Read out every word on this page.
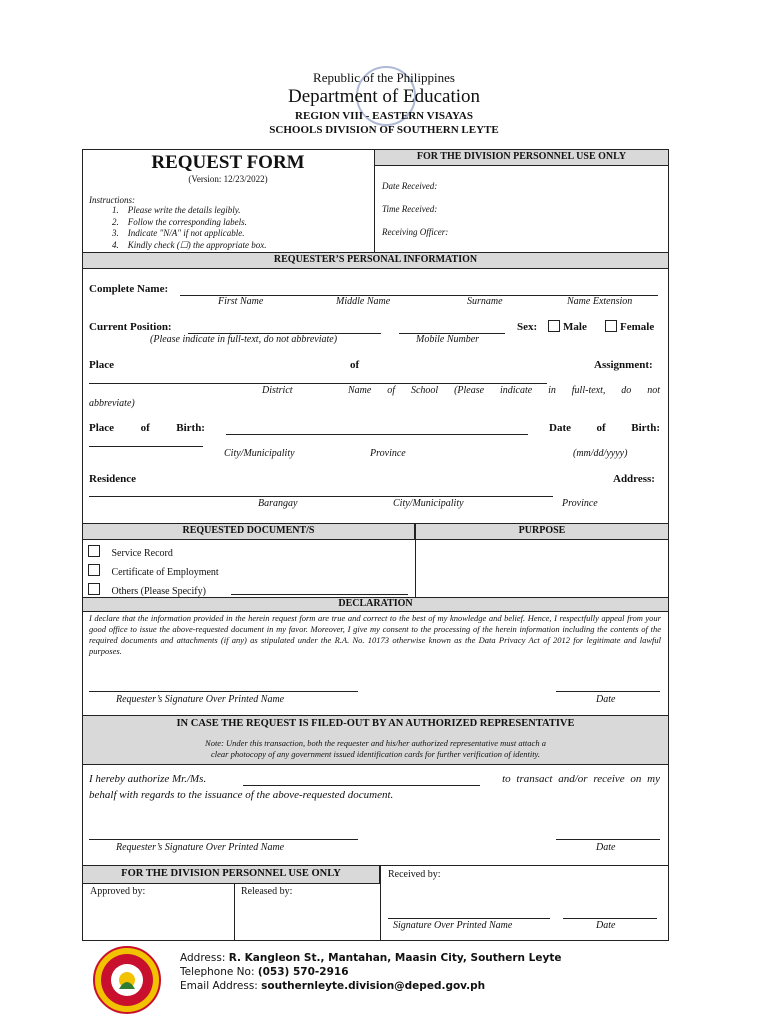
Republic of the Philippines
Department of Education
REGION VIII - EASTERN VISAYAS
SCHOOLS DIVISION OF SOUTHERN LEYTE
REQUEST FORM
(Version: 12/23/2022)
Instructions:
1.    Please write the details legibly.
2.    Follow the corresponding labels.
3.    Indicate "N/A" if not applicable.
4.    Kindly check (☐) the appropriate box.
FOR THE DIVISION PERSONNEL USE ONLY
Date Received:
Time Received:
Receiving Officer:
REQUESTER’S PERSONAL INFORMATION
Complete Name:
First Name	Middle Name	Surname	Name Extension
Current Position:
(Please indicate in full-text, do not abbreviate)	Mobile Number
Sex: Male	Female
Place	of	Assignment:
District	Name of School (Please indicate in full-text, do not
abbreviate)
Place of Birth:
City/Municipality	Province
Date of Birth:
(mm/dd/yyyy)
Residence	Address:
Barangay	City/Municipality	Province
REQUESTED DOCUMENT/S	PURPOSE
Service Record
Certificate of Employment
Others (Please Specify)
DECLARATION
I declare that the information provided in the herein request form are true and correct to the best of my knowledge and belief. Hence, I respectfully appeal from your good office to issue the above-requested document in my favor. Moreover, I give my consent to the processing of the herein information including the contents of the required documents and attachments (if any) as stipulated under the R.A. No. 10173 otherwise known as the Data Privacy Act of 2012 for legitimate and lawful purposes.
Requester’s Signature Over Printed Name	Date
IN CASE THE REQUEST IS FILED-OUT BY AN AUTHORIZED REPRESENTATIVE
Note: Under this transaction, both the requester and his/her authorized representative must attach a
clear photocopy of any government issued identification cards for further verification of identity.
I hereby authorize Mr./Ms.	to transact and/or receive on my
behalf with regards to the issuance of the above-requested document.
Requester’s Signature Over Printed Name	Date
FOR THE DIVISION PERSONNEL USE ONLY
Approved by:	Released by:
Received by:
Signature Over Printed Name	Date
Address: R. Kangleon St., Mantahan, Maasin City, Southern Leyte
Telephone No: (053) 570-2916
Email Address: southernleyte.division@deped.gov.ph
